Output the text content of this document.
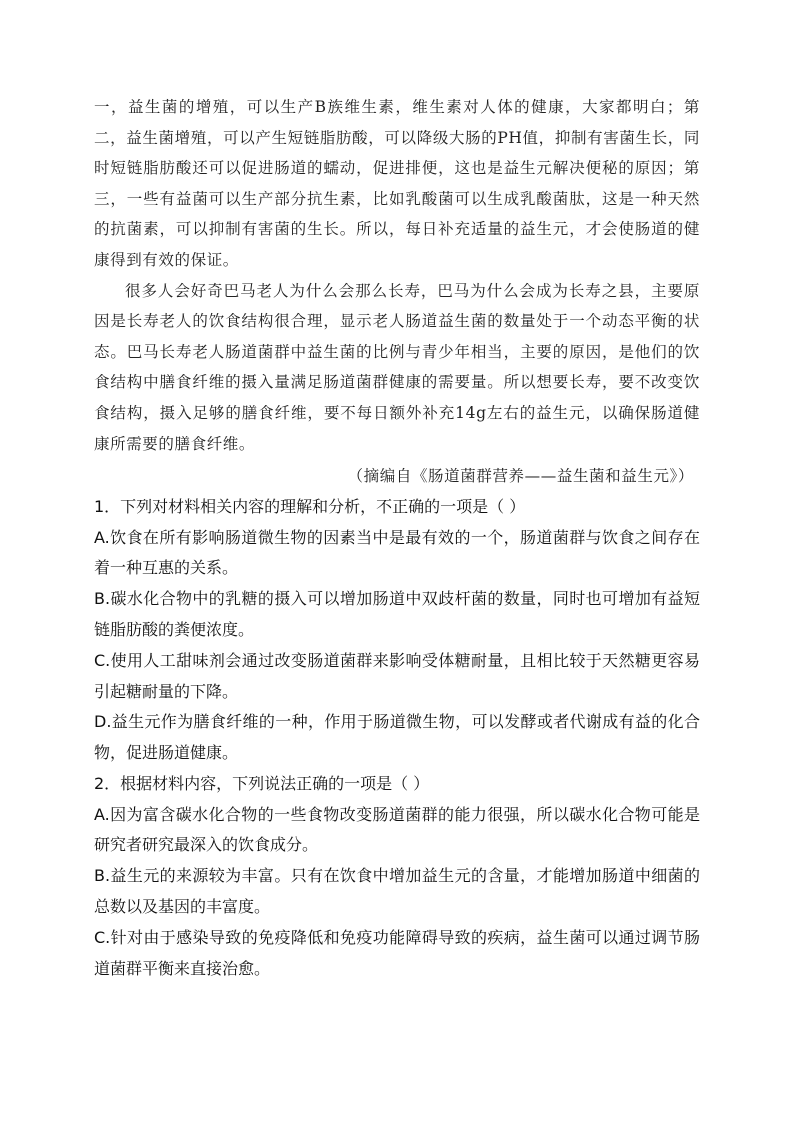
一，益生菌的增殖，可以生产B族维生素，维生素对人体的健康，大家都明白；第二，益生菌增殖，可以产生短链脂肪酸，可以降级大肠的PH值，抑制有害菌生长，同时短链脂肪酸还可以促进肠道的蠕动，促进排便，这也是益生元解决便秘的原因；第三，一些有益菌可以生产部分抗生素，比如乳酸菌可以生成乳酸菌肽，这是一种天然的抗菌素，可以抑制有害菌的生长。所以，每日补充适量的益生元，才会使肠道的健康得到有效的保证。

很多人会好奇巴马老人为什么会那么长寿，巴马为什么会成为长寿之县，主要原因是长寿老人的饮食结构很合理，显示老人肠道益生菌的数量处于一个动态平衡的状态。巴马长寿老人肠道菌群中益生菌的比例与青少年相当，主要的原因，是他们的饮食结构中膳食纤维的摄入量满足肠道菌群健康的需要量。所以想要长寿，要不改变饮食结构，摄入足够的膳食纤维，要不每日额外补充14g左右的益生元，以确保肠道健康所需要的膳食纤维。

（摘编自《肠道菌群营养——益生菌和益生元》）

1．下列对材料相关内容的理解和分析，不正确的一项是（ ）

A.饮食在所有影响肠道微生物的因素当中是最有效的一个，肠道菌群与饮食之间存在着一种互惠的关系。

B.碳水化合物中的乳糖的摄入可以增加肠道中双歧杆菌的数量，同时也可增加有益短链脂肪酸的粪便浓度。

C.使用人工甜味剂会通过改变肠道菌群来影响受体糖耐量，且相比较于天然糖更容易引起糖耐量的下降。

D.益生元作为膳食纤维的一种，作用于肠道微生物，可以发酵或者代谢成有益的化合物，促进肠道健康。

2．根据材料内容，下列说法正确的一项是（ ）

A.因为富含碳水化合物的一些食物改变肠道菌群的能力很强，所以碳水化合物可能是研究者研究最深入的饮食成分。

B.益生元的来源较为丰富。只有在饮食中增加益生元的含量，才能增加肠道中细菌的总数以及基因的丰富度。

C.针对由于感染导致的免疫降低和免疫功能障碍导致的疾病，益生菌可以通过调节肠道菌群平衡来直接治愈。
